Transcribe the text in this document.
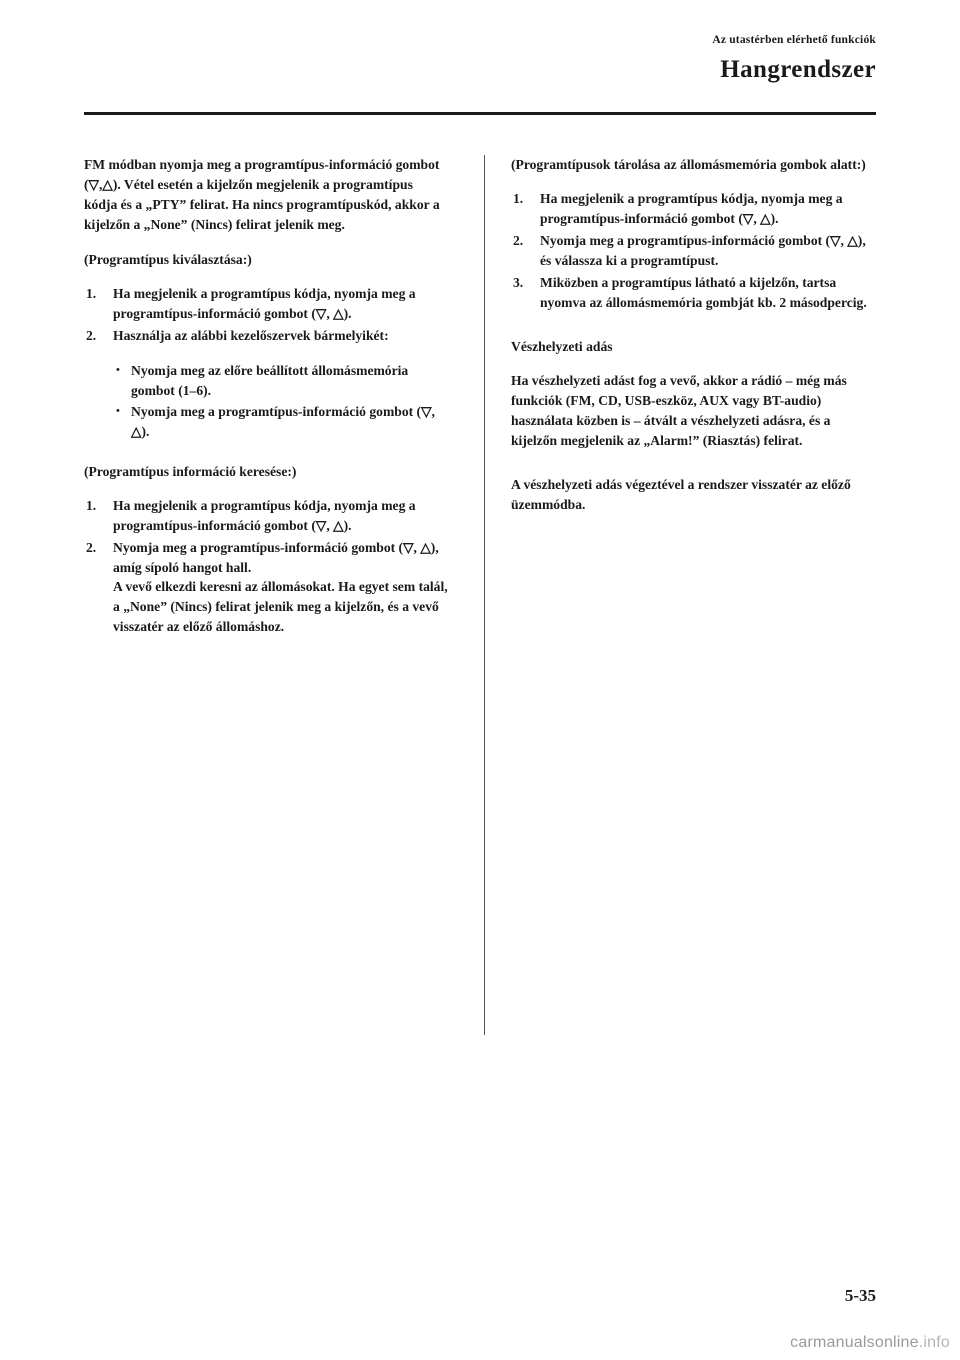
Az utastérben elérhető funkciók
Hangrendszer
FM módban nyomja meg a programtípus-információ gombot (▽,△). Vétel esetén a kijelzőn megjelenik a programtípus kódja és a „PTY” felirat. Ha nincs programtípuskód, akkor a kijelzőn a „None” (Nincs) felirat jelenik meg.
(Programtípus kiválasztása:)
1. Ha megjelenik a programtípus kódja, nyomja meg a programtípus-információ gombot (▽, △).
2. Használja az alábbi kezelőszervek bármelyikét:
• Nyomja meg az előre beállított állomásmemória gombot (1–6).
• Nyomja meg a programtípus-információ gombot (▽, △).
(Programtípus információ keresése:)
1. Ha megjelenik a programtípus kódja, nyomja meg a programtípus-információ gombot (▽, △).
2. Nyomja meg a programtípus-információ gombot (▽, △), amíg sípoló hangot hall.
A vevő elkezdi keresni az állomásokat. Ha egyet sem talál, a „None” (Nincs) felirat jelenik meg a kijelzőn, és a vevő visszatér az előző állomáshoz.
(Programtípusok tárolása az állomásmemória gombok alatt:)
1. Ha megjelenik a programtípus kódja, nyomja meg a programtípus-információ gombot (▽, △).
2. Nyomja meg a programtípus-információ gombot (▽, △), és válassza ki a programtípust.
3. Miközben a programtípus látható a kijelzőn, tartsa nyomva az állomásmemória gombját kb. 2 másodpercig.
Vészhelyzeti adás
Ha vészhelyzeti adást fog a vevő, akkor a rádió – még más funkciók (FM, CD, USB-eszköz, AUX vagy BT-audio) használata közben is – átvált a vészhelyzeti adásra, és a kijelzőn megjelenik az „Alarm!” (Riasztás) felirat.
A vészhelyzeti adás végeztével a rendszer visszatér az előző üzemmódba.
5-35
carmanualsonline.info
